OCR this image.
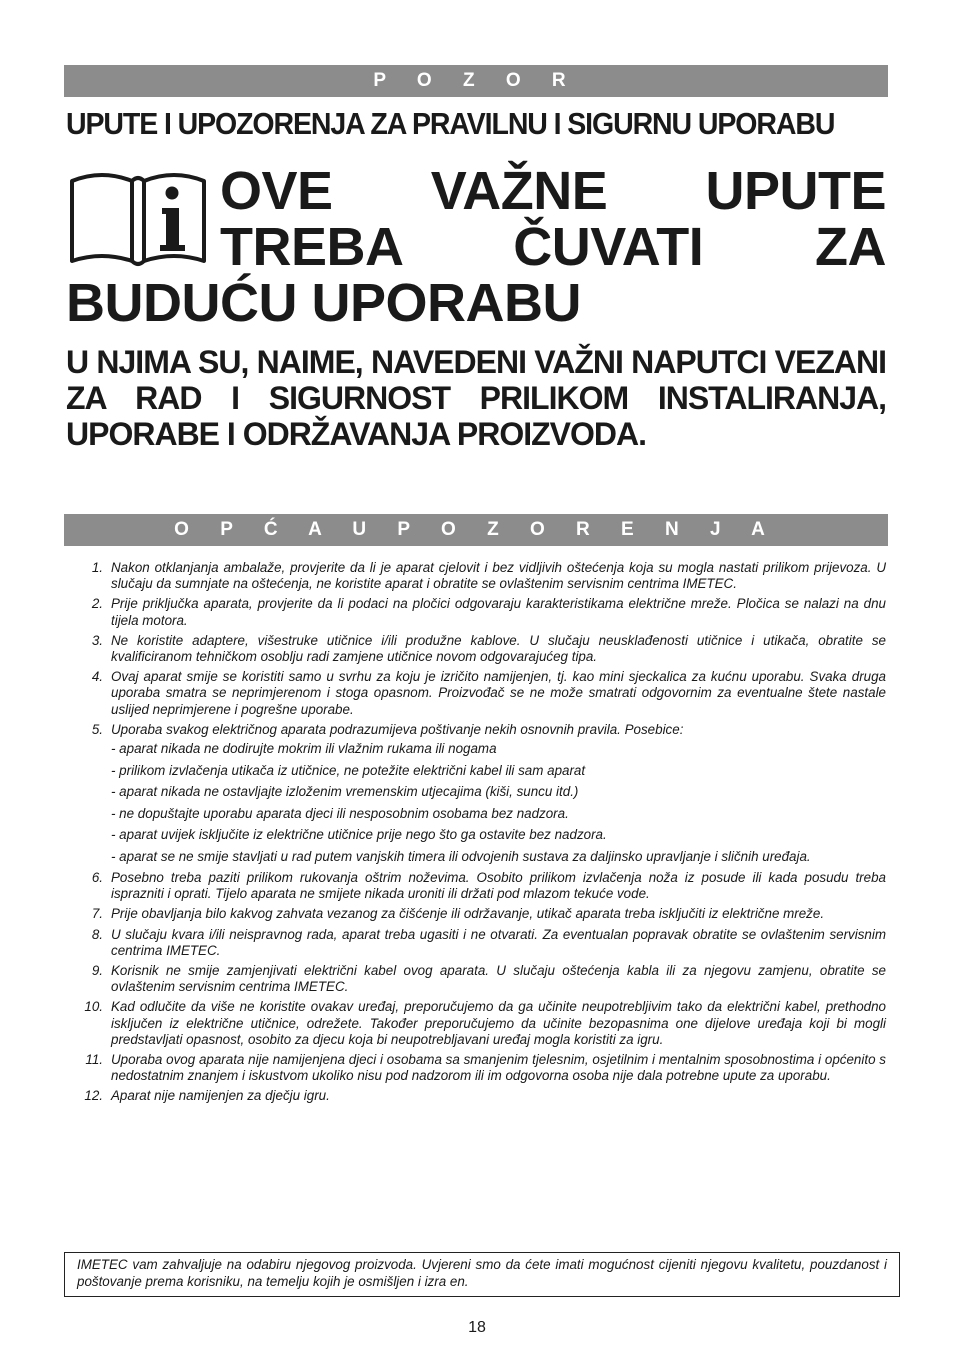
P O Z O R
UPUTE I UPOZORENJA ZA PRAVILNU I SIGURNU UPORABU
OVE VAŽNE UPUTE TREBA ČUVATI ZA BUDUĆU UPORABU
U NJIMA SU, NAIME, NAVEDENI VAŽNI NAPUTCI VEZANI ZA RAD I SIGURNOST PRILIKOM INSTALIRANJA, UPORABE I ODRŽAVANJA PROIZVODA.
O P Ć A U P O Z O R E N J A
1. Nakon otklanjanja ambalaže, provjerite da li je aparat cjelovit i bez vidljivih oštećenja koja su mogla nastati prilikom prijevoza. U slučaju da sumnjate na oštećenja, ne koristite aparat i obratite se ovlaštenim servisnim centrima IMETEC.
2. Prije priključka aparata, provjerite da li podaci na pločici odgovaraju karakteristikama električne mreže. Pločica se nalazi na dnu tijela motora.
3. Ne koristite adaptere, višestruke utičnice i/ili produžne kablove. U slučaju neusklađenosti utičnice i utikača, obratite se kvalificiranom tehničkom osoblju radi zamjene utičnice novom odgovarajućeg tipa.
4. Ovaj aparat smije se koristiti samo u svrhu za koju je izričito namijenjen, tj. kao mini sjeckalica za kućnu uporabu. Svaka druga uporaba smatra se neprimjerenom i stoga opasnom. Proizvođač se ne može smatrati odgovornim za eventualne štete nastale uslijed neprimjerene i pogrešne uporabe.
5. Uporaba svakog električnog aparata podrazumijeva poštivanje nekih osnovnih pravila. Posebice:
- aparat nikada ne dodirujte mokrim ili vlažnim rukama ili nogama
- prilikom izvlačenja utikača iz utičnice, ne potežite električni kabel ili sam aparat
- aparat nikada ne ostavljajte izloženim vremenskim utjecajima (kiši, suncu itd.)
- ne dopuštajte uporabu aparata djeci ili nesposobnim osobama bez nadzora.
- aparat uvijek isključite iz električne utičnice prije nego što ga ostavite bez nadzora.
- aparat se ne smije stavljati u rad putem vanjskih timera ili odvojenih sustava za daljinsko upravljanje i sličnih uređaja.
6. Posebno treba paziti prilikom rukovanja oštrim noževima. Osobito prilikom izvlačenja noža iz posude ili kada posudu treba isprazniti i oprati. Tijelo aparata ne smijete nikada uroniti ili držati pod mlazom tekuće vode.
7. Prije obavljanja bilo kakvog zahvata vezanog za čišćenje ili održavanje, utikač aparata treba isključiti iz električne mreže.
8. U slučaju kvara i/ili neispravnog rada, aparat treba ugasiti i ne otvarati. Za eventualan popravak obratite se ovlaštenim servisnim centrima IMETEC.
9. Korisnik ne smije zamjenjivati električni kabel ovog aparata. U slučaju oštećenja kabla ili za njegovu zamjenu, obratite se ovlaštenim servisnim centrima IMETEC.
10. Kad odlučite da više ne koristite ovakav uređaj, preporučujemo da ga učinite neupotrebljivim tako da električni kabel, prethodno isključen iz električne utičnice, odrežete. Također preporučujemo da učinite bezopasnima one dijelove uređaja koji bi mogli predstavljati opasnost, osobito za djecu koja bi neupotrebljavani uređaj mogla koristiti za igru.
11. Uporaba ovog aparata nije namijenjena djeci i osobama sa smanjenim tjelesnim, osjetilnim i mentalnim sposobnostima i općenito s nedostatnim znanjem i iskustvom ukoliko nisu pod nadzorom ili im odgovorna osoba nije dala potrebne upute za uporabu.
12. Aparat nije namijenjen za dječju igru.
IMETEC vam zahvaljuje na odabiru njegovog proizvoda. Uvjereni smo da ćete imati mogućnost cijeniti njegovu kvalitetu, pouzdanost i poštovanje prema korisniku, na temelju kojih je osmišljen i izra en.
18
